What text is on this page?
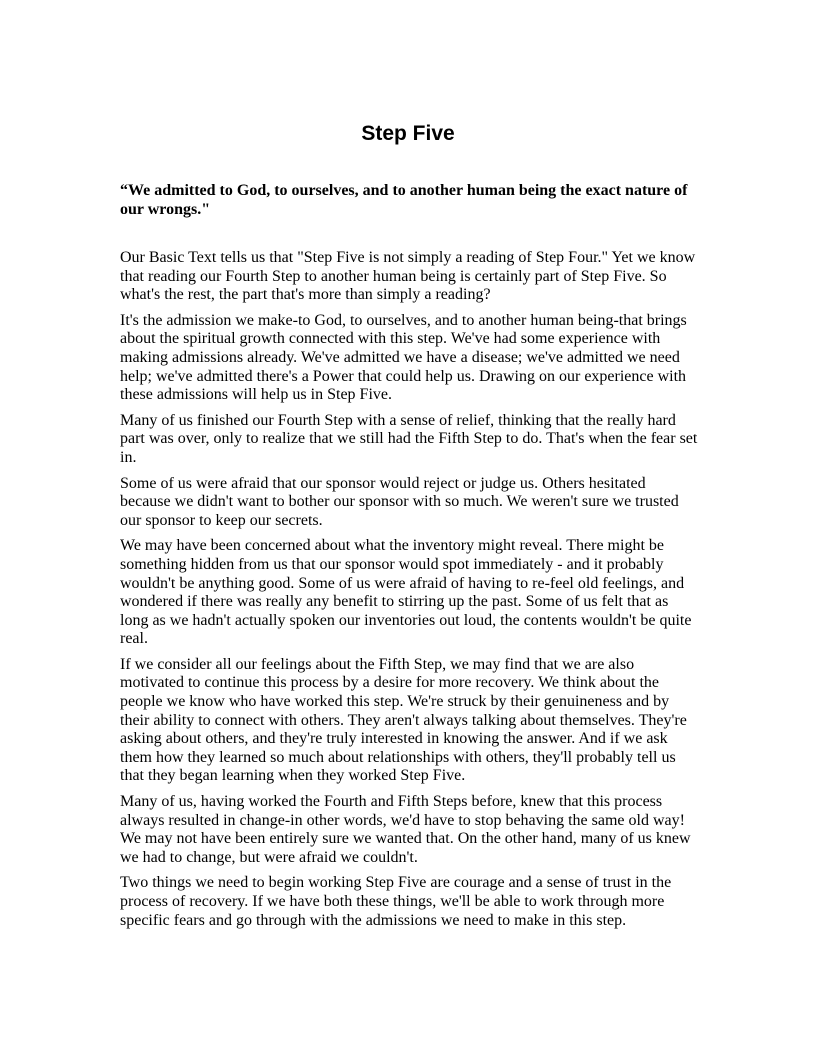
Step Five

“We admitted to God, to ourselves, and to another human being the exact nature of our wrongs."

Our Basic Text tells us that "Step Five is not simply a reading of Step Four." Yet we know that reading our Fourth Step to another human being is certainly part of Step Five. So what's the rest, the part that's more than simply a reading?

It's the admission we make-to God, to ourselves, and to another human being-that brings about the spiritual growth connected with this step. We've had some experience with making admissions already. We've admitted we have a disease; we've admitted we need help; we've admitted there's a Power that could help us. Drawing on our experience with these admissions will help us in Step Five.

Many of us finished our Fourth Step with a sense of relief, thinking that the really hard part was over, only to realize that we still had the Fifth Step to do. That's when the fear set in.

Some of us were afraid that our sponsor would reject or judge us. Others hesitated because we didn't want to bother our sponsor with so much. We weren't sure we trusted our sponsor to keep our secrets.

We may have been concerned about what the inventory might reveal. There might be something hidden from us that our sponsor would spot immediately - and it probably wouldn't be anything good. Some of us were afraid of having to re-feel old feelings, and wondered if there was really any benefit to stirring up the past. Some of us felt that as long as we hadn't actually spoken our inventories out loud, the contents wouldn't be quite real.

If we consider all our feelings about the Fifth Step, we may find that we are also motivated to continue this process by a desire for more recovery. We think about the people we know who have worked this step. We're struck by their genuineness and by their ability to connect with others. They aren't always talking about themselves. They're asking about others, and they're truly interested in knowing the answer. And if we ask them how they learned so much about relationships with others, they'll probably tell us that they began learning when they worked Step Five.

Many of us, having worked the Fourth and Fifth Steps before, knew that this process always resulted in change-in other words, we'd have to stop behaving the same old way! We may not have been entirely sure we wanted that. On the other hand, many of us knew we had to change, but were afraid we couldn't.

Two things we need to begin working Step Five are courage and a sense of trust in the process of recovery. If we have both these things, we'll be able to work through more specific fears and go through with the admissions we need to make in this step.
